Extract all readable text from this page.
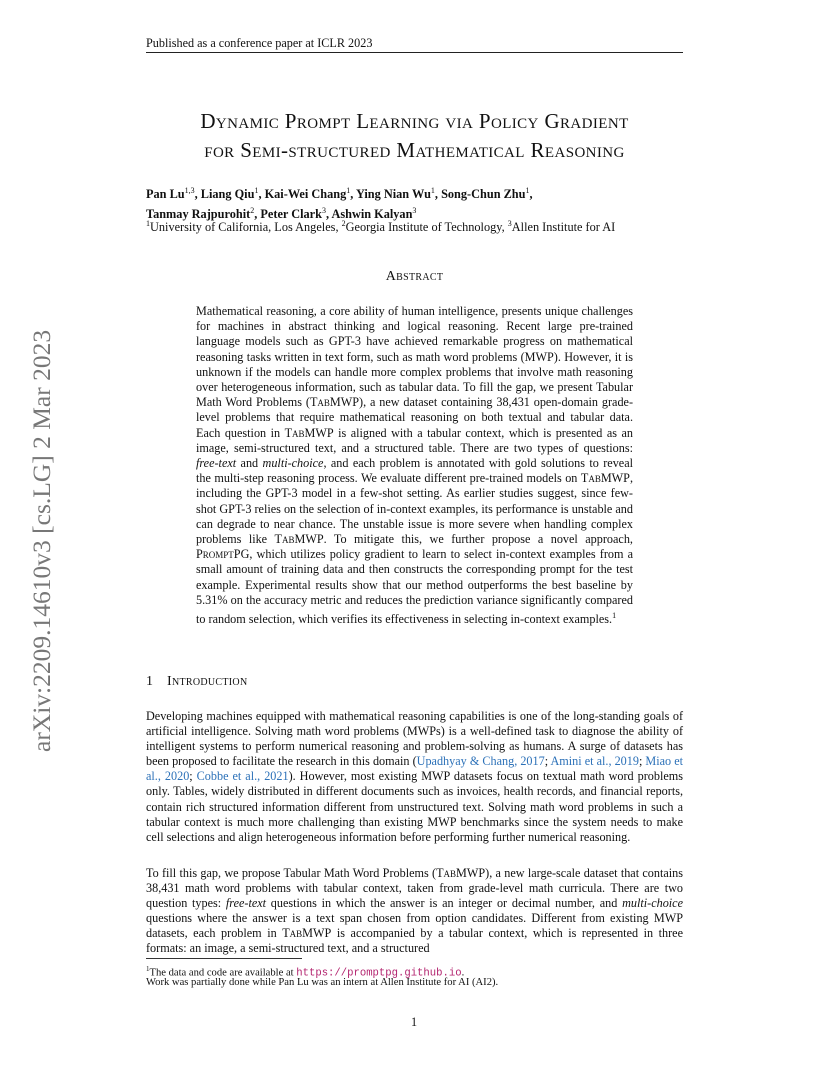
Published as a conference paper at ICLR 2023
arXiv:2209.14610v3 [cs.LG] 2 Mar 2023
Dynamic Prompt Learning via Policy Gradient
for Semi-structured Mathematical Reasoning
Pan Lu$^{1,3}$, Liang Qiu$^1$, Kai-Wei Chang$^1$, Ying Nian Wu$^1$, Song-Chun Zhu$^1$,
Tanmay Rajpurohit$^2$, Peter Clark$^3$, Ashwin Kalyan$^3$
$^1$University of California, Los Angeles, $^2$Georgia Institute of Technology, $^3$Allen Institute for AI
Abstract
Mathematical reasoning, a core ability of human intelligence, presents unique challenges for machines in abstract thinking and logical reasoning. Recent large pre-trained language models such as GPT-3 have achieved remarkable progress on mathematical reasoning tasks written in text form, such as math word problems (MWP). However, it is unknown if the models can handle more complex problems that involve math reasoning over heterogeneous information, such as tabular data. To fill the gap, we present Tabular Math Word Problems (TabMWP), a new dataset containing 38,431 open-domain grade-level problems that require mathematical reasoning on both textual and tabular data. Each question in TabMWP is aligned with a tabular context, which is presented as an image, semi-structured text, and a structured table. There are two types of questions: free-text and multi-choice, and each problem is annotated with gold solutions to reveal the multi-step reasoning process. We evaluate different pre-trained models on TabMWP, including the GPT-3 model in a few-shot setting. As earlier studies suggest, since few-shot GPT-3 relies on the selection of in-context examples, its performance is unstable and can degrade to near chance. The unstable issue is more severe when handling complex problems like TabMWP. To mitigate this, we further propose a novel approach, PromptPG, which utilizes policy gradient to learn to select in-context examples from a small amount of training data and then constructs the corresponding prompt for the test example. Experimental results show that our method outperforms the best baseline by 5.31% on the accuracy metric and reduces the prediction variance significantly compared to random selection, which verifies its effectiveness in selecting in-context examples.$^1$
1 Introduction
Developing machines equipped with mathematical reasoning capabilities is one of the long-standing goals of artificial intelligence. Solving math word problems (MWPs) is a well-defined task to diagnose the ability of intelligent systems to perform numerical reasoning and problem-solving as humans. A surge of datasets has been proposed to facilitate the research in this domain (Upadhyay & Chang, 2017; Amini et al., 2019; Miao et al., 2020; Cobbe et al., 2021). However, most existing MWP datasets focus on textual math word problems only. Tables, widely distributed in different documents such as invoices, health records, and financial reports, contain rich structured information different from unstructured text. Solving math word problems in such a tabular context is much more challenging than existing MWP benchmarks since the system needs to make cell selections and align heterogeneous information before performing further numerical reasoning.
To fill this gap, we propose Tabular Math Word Problems (TabMWP), a new large-scale dataset that contains 38,431 math word problems with tabular context, taken from grade-level math curricula. There are two question types: free-text questions in which the answer is an integer or decimal number, and multi-choice questions where the answer is a text span chosen from option candidates. Different from existing MWP datasets, each problem in TabMWP is accompanied by a tabular context, which is represented in three formats: an image, a semi-structured text, and a structured
$^1$The data and code are available at https://promptpg.github.io.
Work was partially done while Pan Lu was an intern at Allen Institute for AI (AI2).
1
